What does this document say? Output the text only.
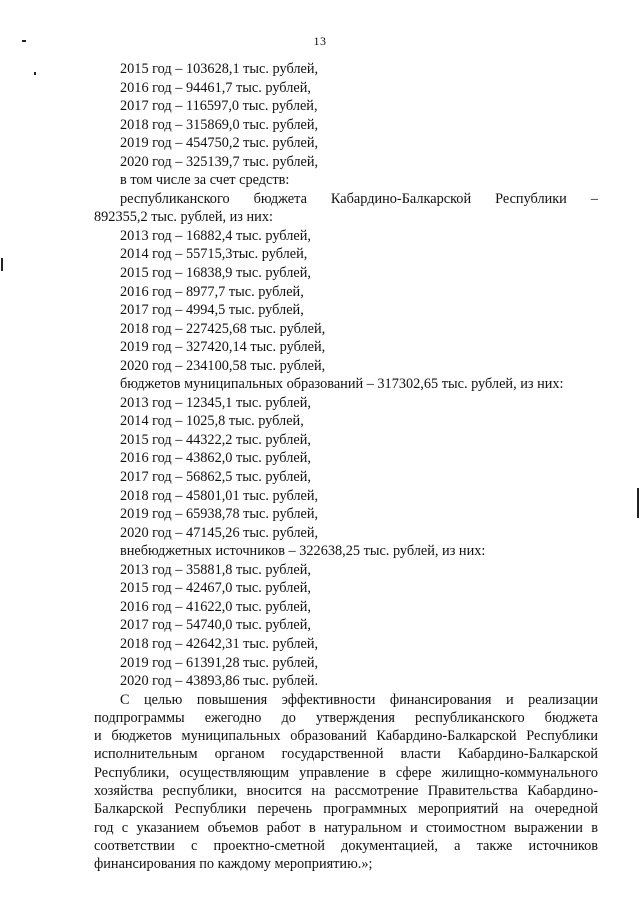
13
2015 год – 103628,1 тыс. рублей,
2016 год – 94461,7 тыс. рублей,
2017 год – 116597,0 тыс. рублей,
2018 год – 315869,0 тыс. рублей,
2019 год – 454750,2 тыс. рублей,
2020 год – 325139,7 тыс. рублей,
в том числе за счет средств:
республиканского бюджета Кабардино-Балкарской Республики –
892355,2 тыс. рублей, из них:
2013 год – 16882,4 тыс. рублей,
2014 год – 55715,3тыс. рублей,
2015 год – 16838,9 тыс. рублей,
2016 год – 8977,7 тыс. рублей,
2017 год – 4994,5 тыс. рублей,
2018 год – 227425,68 тыс. рублей,
2019 год – 327420,14 тыс. рублей,
2020 год – 234100,58 тыс. рублей,
бюджетов муниципальных образований – 317302,65 тыс. рублей, из них:
2013 год – 12345,1 тыс. рублей,
2014 год – 1025,8 тыс. рублей,
2015 год – 44322,2 тыс. рублей,
2016 год – 43862,0 тыс. рублей,
2017 год – 56862,5 тыс. рублей,
2018 год – 45801,01 тыс. рублей,
2019 год – 65938,78 тыс. рублей,
2020 год – 47145,26 тыс. рублей,
внебюджетных источников – 322638,25 тыс. рублей, из них:
2013 год – 35881,8 тыс. рублей,
2015 год – 42467,0 тыс. рублей,
2016 год – 41622,0 тыс. рублей,
2017 год – 54740,0 тыс. рублей,
2018 год – 42642,31 тыс. рублей,
2019 год – 61391,28 тыс. рублей,
2020 год – 43893,86 тыс. рублей.
С целью повышения эффективности финансирования и реализации
подпрограммы ежегодно до утверждения республиканского бюджета
и бюджетов муниципальных образований Кабардино-Балкарской Республики
исполнительным органом государственной власти Кабардино-Балкарской
Республики, осуществляющим управление в сфере жилищно-коммунального
хозяйства республики, вносится на рассмотрение Правительства Кабардино-
Балкарской Республики перечень программных мероприятий на очередной
год с указанием объемов работ в натуральном и стоимостном выражении в
соответствии с проектно-сметной документацией, а также источников
финансирования по каждому мероприятию.»;
